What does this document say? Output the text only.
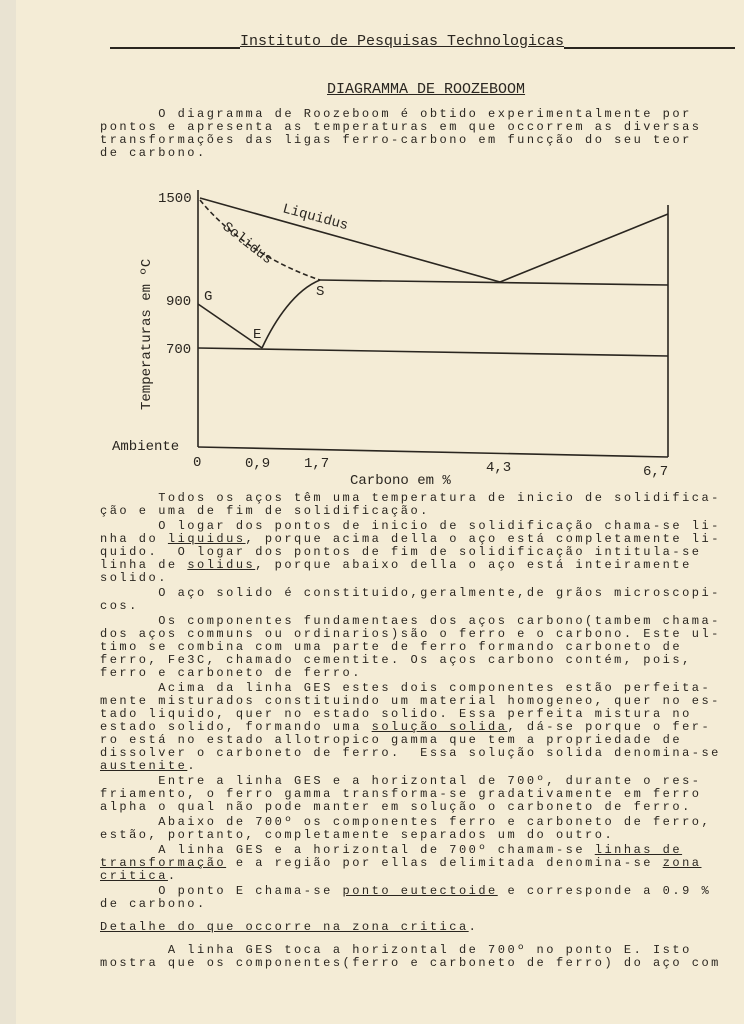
Instituto de Pesquisas Technologicas
DIAGRAMMA DE ROOZEBOOM
O diagramma de Roozeboom é obtido experimentalmente por
pontos e apresenta as temperaturas em que occorrem as diversas
transformações das ligas ferro-carbono em funcção do seu teor
de carbono.
Temperaturas em ºC
1500
900
700
Ambiente
0	0,9 1,7	4,3	6,7
Carbono em %
Liquidus
Solidus
G
E
S
Todos os aços têm uma temperatura de inicio de solidifica-
ção e uma de fim de solidificação.
O logar dos pontos de inicio de solidificação chama-se li-
nha do liquidus, porque acima della o aço está completamente li-
quido.  O logar dos pontos de fim de solidificação intitula-se
linha de solidus, porque abaixo della o aço está inteiramente
solido.
O aço solido é constituido,geralmente,de grãos microscopi-
cos.
Os componentes fundamentaes dos aços carbono(tambem chama-
dos aços communs ou ordinarios)são o ferro e o carbono. Este ul-
timo se combina com uma parte de ferro formando carboneto de
ferro, Fe3C, chamado cementite. Os aços carbono contém, pois,
ferro e carboneto de ferro.
Acima da linha GES estes dois componentes estão perfeita-
mente misturados constituindo um material homogeneo, quer no es-
tado liquido, quer no estado solido. Essa perfeita mistura no
estado solido, formando uma solução solida, dá-se porque o fer-
ro está no estado allotropico gamma que tem a propriedade de
dissolver o carboneto de ferro.  Essa solução solida denomina-se
austenite.
Entre a linha GES e a horizontal de 700º, durante o res-
friamento, o ferro gamma transforma-se gradativamente em ferro
alpha o qual não pode manter em solução o carboneto de ferro.
Abaixo de 700º os componentes ferro e carboneto de ferro,
estão, portanto, completamente separados um do outro.
A linha GES e a horizontal de 700º chamam-se linhas de
transformação e a região por ellas delimitada denomina-se zona
critica.
O ponto E chama-se ponto eutectoide e corresponde a 0.9 %
de carbono.
Detalhe do que occorre na zona critica.
A linha GES toca a horizontal de 700º no ponto E. Isto
mostra que os componentes(ferro e carboneto de ferro) do aço com
